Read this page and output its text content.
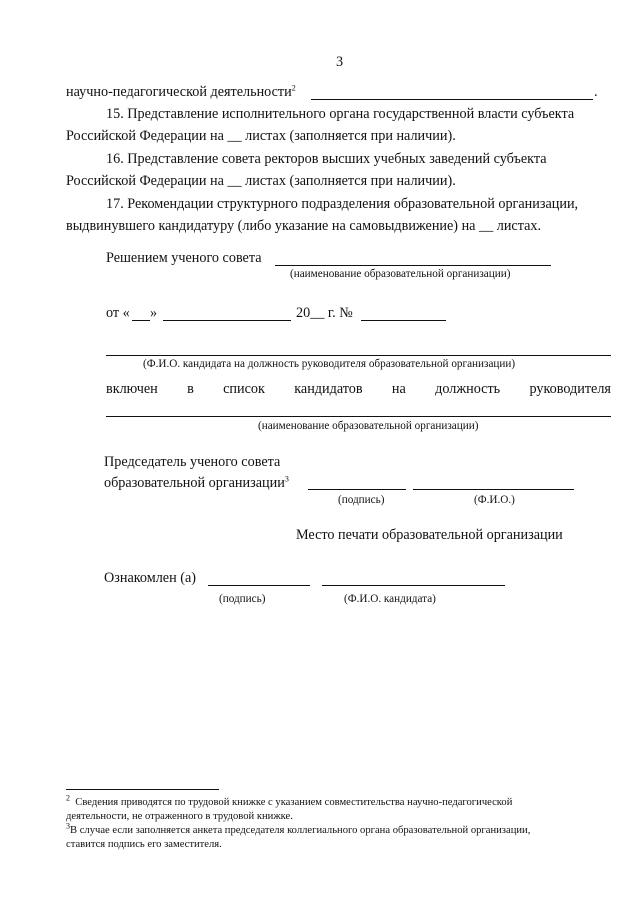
3
научно-педагогической деятельности$^2$	.
15. Представление исполнительного органа государственной власти субъекта
Российской Федерации на __ листах (заполняется при наличии).
16. Представление совета ректоров высших учебных заведений субъекта
Российской Федерации на __ листах (заполняется при наличии).
17. Рекомендации структурного подразделения образовательной организации,
выдвинувшего кандидатуру (либо указание на самовыдвижение) на __ листах.
Решением ученого совета
(наименование образовательной организации)
от « »	20__ г. №
(Ф.И.О. кандидата на должность руководителя образовательной организации)
включен в список кандидатов на должность руководителя
(наименование образовательной организации)
Председатель ученого совета
образовательной организации$^3$
(подпись)	(Ф.И.О.)
Место печати образовательной организации
Ознакомлен (а)
(подпись)	(Ф.И.О. кандидата)
$^2$ Сведения приводятся по трудовой книжке с указанием совместительства научно-педагогической
деятельности, не отраженного в трудовой книжке.
$^3$В случае если заполняется анкета председателя коллегиального органа образовательной организации,
ставится подпись его заместителя.
